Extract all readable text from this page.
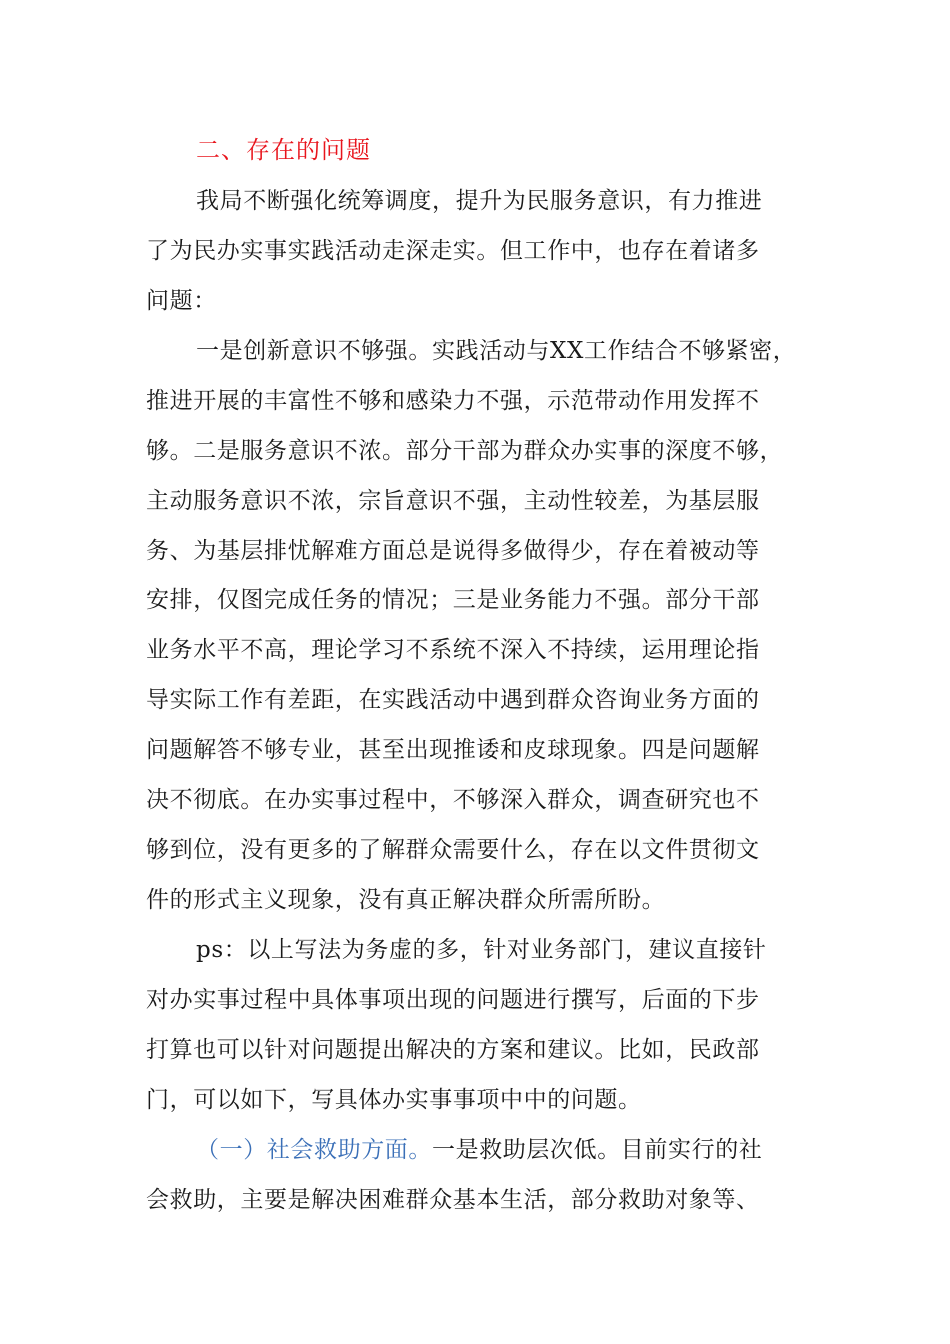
二、存在的问题
我局不断强化统筹调度，提升为民服务意识，有力推进
了为民办实事实践活动走深走实。但工作中，也存在着诸多
问题：
一是创新意识不够强。实践活动与XX工作结合不够紧密，
推进开展的丰富性不够和感染力不强，示范带动作用发挥不
够。二是服务意识不浓。部分干部为群众办实事的深度不够，
主动服务意识不浓，宗旨意识不强，主动性较差，为基层服
务、为基层排忧解难方面总是说得多做得少，存在着被动等
安排，仅图完成任务的情况；三是业务能力不强。部分干部
业务水平不高，理论学习不系统不深入不持续，运用理论指
导实际工作有差距，在实践活动中遇到群众咨询业务方面的
问题解答不够专业，甚至出现推诿和皮球现象。四是问题解
决不彻底。在办实事过程中，不够深入群众，调查研究也不
够到位，没有更多的了解群众需要什么，存在以文件贯彻文
件的形式主义现象，没有真正解决群众所需所盼。
ps：以上写法为务虚的多，针对业务部门，建议直接针
对办实事过程中具体事项出现的问题进行撰写，后面的下步
打算也可以针对问题提出解决的方案和建议。比如，民政部
门，可以如下，写具体办实事事项中中的问题。
（一）社会救助方面。一是救助层次低。目前实行的社
会救助，主要是解决困难群众基本生活，部分救助对象等、
